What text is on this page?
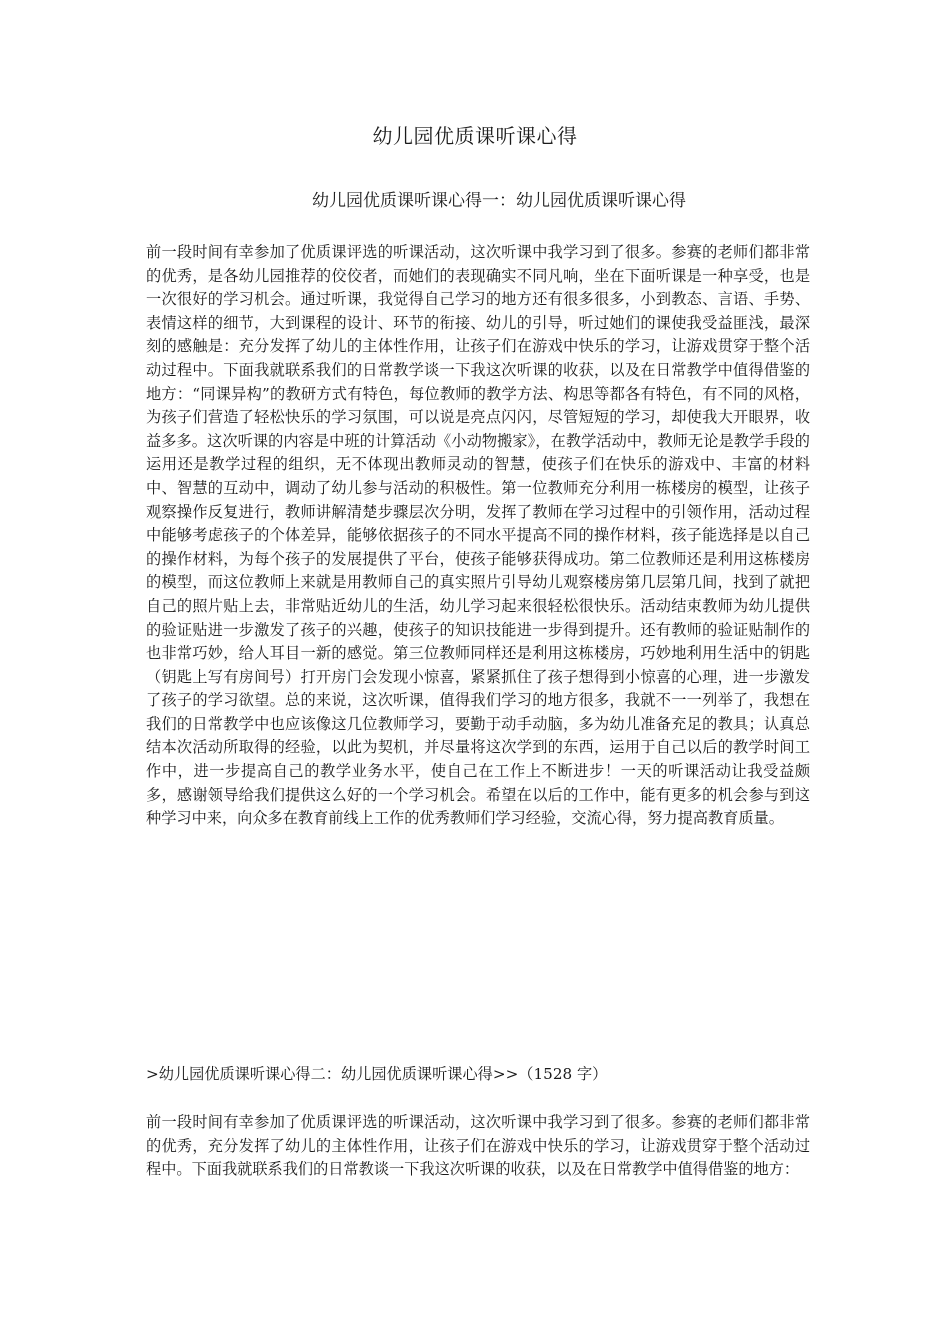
幼儿园优质课听课心得
幼儿园优质课听课心得一：幼儿园优质课听课心得

前一段时间有幸参加了优质课评选的听课活动，这次听课中我学习到了很多。参赛的老师们都非常的优秀，是各幼儿园推荐的佼佼者，而她们的表现确实不同凡响，坐在下面听课是一种享受，也是一次很好的学习机会。通过听课，我觉得自己学习的地方还有很多很多，小到教态、言语、手势、表情这样的细节，大到课程的设计、环节的衔接、幼儿的引导，听过她们的课使我受益匪浅，最深刻的感触是：充分发挥了幼儿的主体性作用，让孩子们在游戏中快乐的学习，让游戏贯穿于整个活动过程中。下面我就联系我们的日常教学谈一下我这次听课的收获，以及在日常教学中值得借鉴的地方：“同课异构”的教研方式有特色，每位教师的教学方法、构思等都各有特色，有不同的风格，为孩子们营造了轻松快乐的学习氛围，可以说是亮点闪闪，尽管短短的学习，却使我大开眼界，收益多多。这次听课的内容是中班的计算活动《小动物搬家》，在教学活动中，教师无论是教学手段的运用还是教学过程的组织，无不体现出教师灵动的智慧，使孩子们在快乐的游戏中、丰富的材料中、智慧的互动中，调动了幼儿参与活动的积极性。第一位教师充分利用一栋楼房的模型，让孩子观察操作反复进行，教师讲解清楚步骤层次分明，发挥了教师在学习过程中的引领作用，活动过程中能够考虑孩子的个体差异，能够依据孩子的不同水平提高不同的操作材料，孩子能选择是以自己的操作材料，为每个孩子的发展提供了平台，使孩子能够获得成功。第二位教师还是利用这栋楼房的模型，而这位教师上来就是用教师自己的真实照片引导幼儿观察楼房第几层第几间，找到了就把自己的照片贴上去，非常贴近幼儿的生活，幼儿学习起来很轻松很快乐。活动结束教师为幼儿提供的验证贴进一步激发了孩子的兴趣，使孩子的知识技能进一步得到提升。还有教师的验证贴制作的也非常巧妙，给人耳目一新的感觉。第三位教师同样还是利用这栋楼房，巧妙地利用生活中的钥匙（钥匙上写有房间号）打开房门会发现小惊喜，紧紧抓住了孩子想得到小惊喜的心理，进一步激发了孩子的学习欲望。总的来说，这次听课，值得我们学习的地方很多，我就不一一列举了，我想在我们的日常教学中也应该像这几位教师学习，要勤于动手动脑，多为幼儿准备充足的教具；认真总结本次活动所取得的经验，以此为契机，并尽量将这次学到的东西，运用于自己以后的教学时间工作中，进一步提高自己的教学业务水平，使自己在工作上不断进步！一天的听课活动让我受益颇多，感谢领导给我们提供这么好的一个学习机会。希望在以后的工作中，能有更多的机会参与到这种学习中来，向众多在教育前线上工作的优秀教师们学习经验，交流心得，努力提高教育质量。

>幼儿园优质课听课心得二：幼儿园优质课听课心得>>（1528 字）

前一段时间有幸参加了优质课评选的听课活动，这次听课中我学习到了很多。参赛的老师们都非常的优秀，充分发挥了幼儿的主体性作用，让孩子们在游戏中快乐的学习，让游戏贯穿于整个活动过程中。下面我就联系我们的日常教谈一下我这次听课的收获，以及在日常教学中值得借鉴的地方：
